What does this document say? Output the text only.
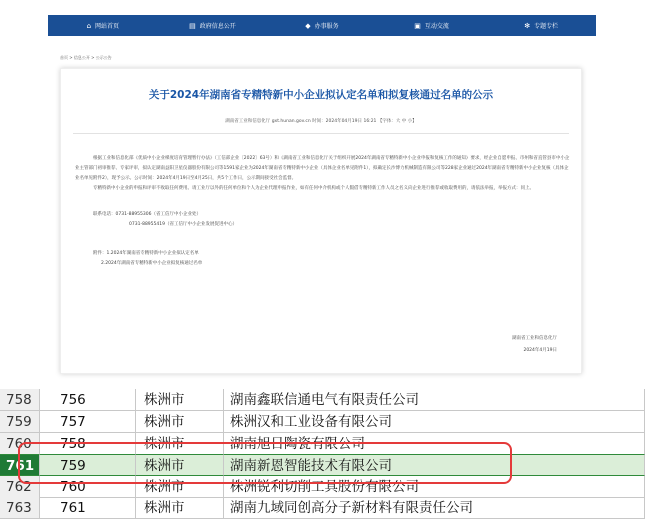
⌂ 网站首页	▤ 政府信息公开	◆ 办事服务	▣ 互动交流	✻ 专题专栏
首页 > 信息公开 > 公示公告
关于2024年湖南省专精特新中小企业拟认定名单和拟复核通过名单的公示
湖南省工业和信息化厅 gxt.hunan.gov.cn 时间：2024年04月19日 16:21 【字体：大 中 小】

根据工业和信息化部《优质中小企业梯度培育管理暂行办法》（工信部企业〔2022〕63号）和《湖南省工业和信息化厅关于组织开展2024年湖南省专精特新中小企业申报和复核工作的通知》要求，经企业自愿申报、市州和省直管县市中小企业主管部门初审推荐、专家评审，拟认定湖南益阳卫星仪器股份有限公司等1591家企业为2024年湖南省专精特新中小企业（具体企业名单见附件1），拟确定长沙博力机械制造有限公司等228家企业通过2024年湖南省专精特新中小企业复核（具体企业名单见附件2），现予公示。公示时间：2024年4月19日至4月25日，共5个工作日，公示期间接受社会监督。

专精特新中小企业的申报和评审不收取任何费用。请工业厅以外的任何单位和个人为企业代理申报作业，如有任何中介机构或个人假借专精特新工作人员之名义向企业进行推荐或收取费用的，请依法举报，举报方式：同上。

联系电话：0731-88955306（省工信厅中小企业处）
0731-88955419（省工信厅中小企业发展促进中心）
附件：1.2024年湖南省专精特新中小企业拟认定名单
2.2024年湖南省专精特新中小企业拟复核通过名单
湖南省工业和信息化厅
2024年4月19日
758	756	株洲市	湖南鑫联信通电气有限责任公司
759	757	株洲市	株洲汉和工业设备有限公司
760	758	株洲市	湖南旭日陶瓷有限公司
761	759	株洲市	湖南新恩智能技术有限公司
762	760	株洲市	株洲锐利切削工具股份有限公司
763	761	株洲市	湖南九域同创高分子新材料有限责任公司
